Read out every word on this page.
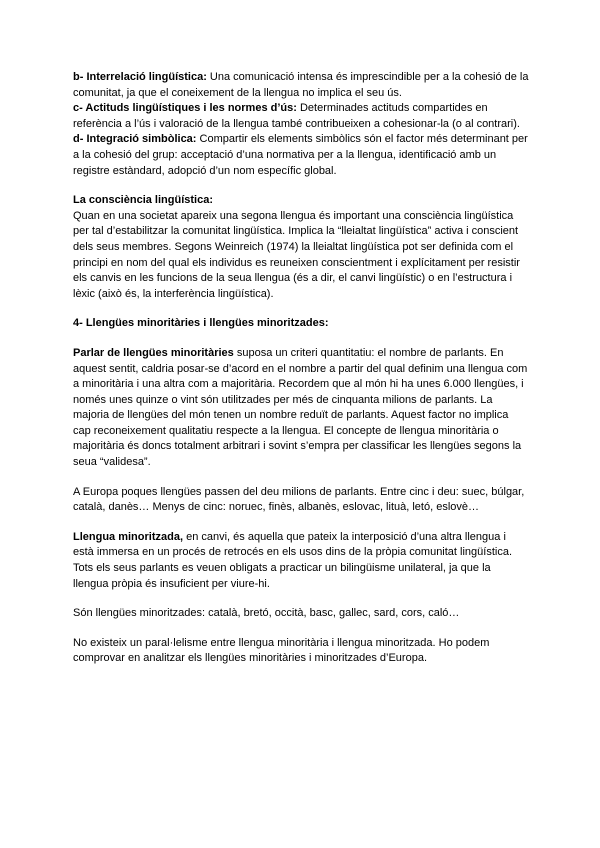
b- Interrelació lingüística: Una comunicació intensa és imprescindible per a la cohesió de la comunitat, ja que el coneixement de la llengua no implica el seu ús.

c- Actituds lingüístiques i les normes d’ús: Determinades actituds compartides en referència a l’ús i valoració de la llengua també contribueixen a cohesionar-la (o al contrari).

d- Integració simbòlica: Compartir els elements simbòlics són el factor més determinant per a la cohesió del grup: acceptació d’una normativa per a la llengua, identificació amb un registre estàndard, adopció d’un nom específic global.

La consciència lingüística:

Quan en una societat apareix una segona llengua és important una consciència lingüística per tal d’estabilitzar la comunitat lingüística. Implica la “lleialtat lingüística” activa i conscient dels seus membres. Segons Weinreich (1974) la lleialtat lingüística pot ser definida com el principi en nom del qual els individus es reuneixen conscientment i explícitament per resistir els canvis en les funcions de la seua llengua (és a dir, el canvi lingüístic) o en l’estructura i lèxic (això és, la interferència lingüística).

4- Llengües minoritàries i llengües minoritzades:

Parlar de llengües minoritàries suposa un criteri quantitatiu: el nombre de parlants. En aquest sentit, caldria posar-se d’acord en el nombre a partir del qual definim una llengua com a minoritària i una altra com a majoritària. Recordem que al món hi ha unes 6.000 llengües, i només unes quinze o vint són utilitzades per més de cinquanta milions de parlants. La majoria de llengües del món tenen un nombre reduït de parlants. Aquest factor no implica cap reconeixement qualitatiu respecte a la llengua. El concepte de llengua minoritària o majoritària és doncs totalment arbitrari i sovint s’empra per classificar les llengües segons la seua “validesa”.

A Europa poques llengües passen del deu milions de parlants. Entre cinc i deu: suec, búlgar, català, danès… Menys de cinc: noruec, finès, albanès, eslovac, lituà, letó, eslovè…

Llengua minoritzada, en canvi, és aquella que pateix la interposició d’una altra llengua i està immersa en un procés de retrocés en els usos dins de la pròpia comunitat lingüística. Tots els seus parlants es veuen obligats a practicar un bilingüisme unilateral, ja que la llengua pròpia és insuficient per viure-hi.

Són llengües minoritzades: català, bretó, occità, basc, gallec, sard, cors, caló…

No existeix un paral·lelisme entre llengua minoritària i llengua minoritzada. Ho podem comprovar en analitzar els llengües minoritàries i minoritzades d’Europa.
